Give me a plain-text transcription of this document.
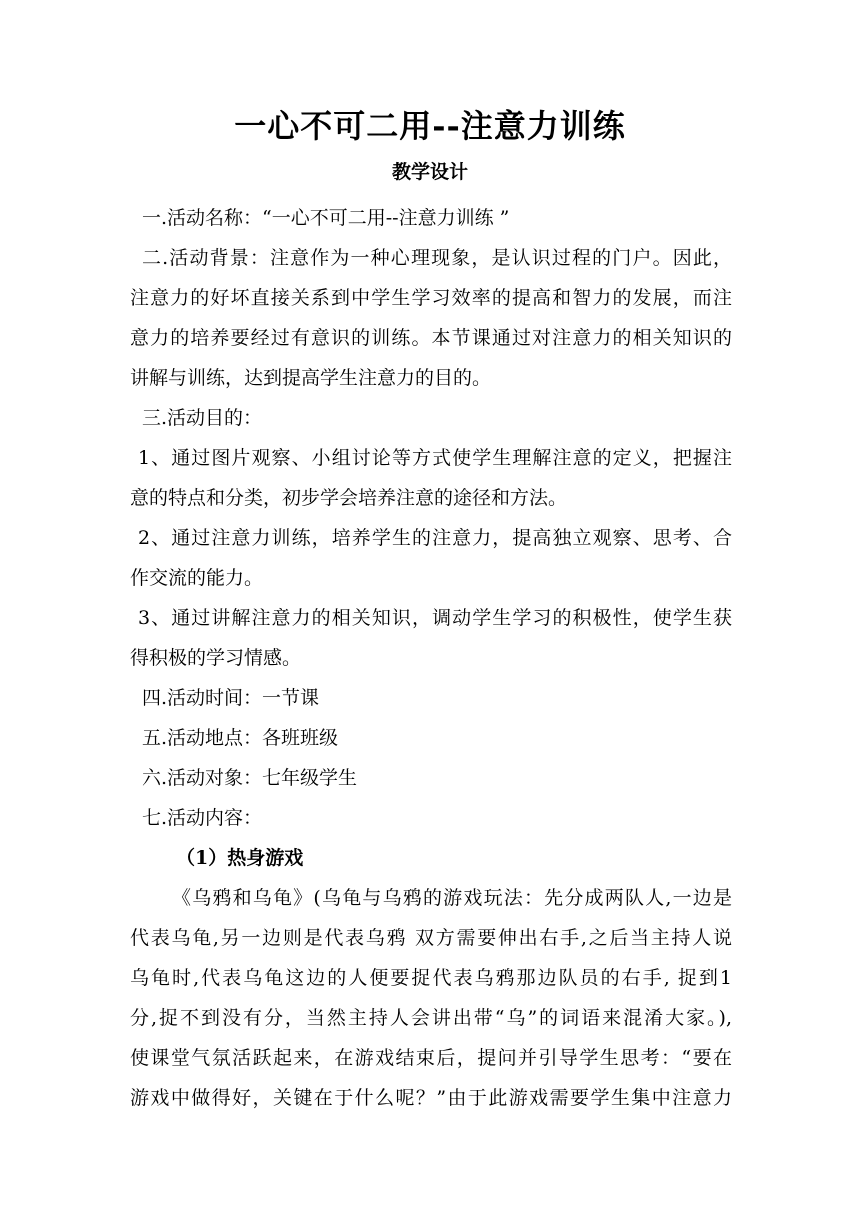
一心不可二用--注意力训练
教学设计
一.活动名称：“一心不可二用--注意力训练 ”
二.活动背景：注意作为一种心理现象，是认识过程的门户。因此，
注意力的好坏直接关系到中学生学习效率的提高和智力的发展，而注
意力的培养要经过有意识的训练。本节课通过对注意力的相关知识的
讲解与训练，达到提高学生注意力的目的。
三.活动目的：
1、通过图片观察、小组讨论等方式使学生理解注意的定义，把握注
意的特点和分类，初步学会培养注意的途径和方法。
2、通过注意力训练，培养学生的注意力，提高独立观察、思考、合
作交流的能力。
3、通过讲解注意力的相关知识，调动学生学习的积极性，使学生获
得积极的学习情感。
四.活动时间：一节课
五.活动地点：各班班级
六.活动对象：七年级学生
七.活动内容：
（1）热身游戏
《乌鸦和乌龟》(乌龟与乌鸦的游戏玩法：先分成两队人,一边是
代表乌龟,另一边则是代表乌鸦 双方需要伸出右手,之后当主持人说
乌龟时,代表乌龟这边的人便要捉代表乌鸦那边队员的右手, 捉到1
分,捉不到没有分，当然主持人会讲出带“乌”的词语来混淆大家。),
使课堂气氛活跃起来，在游戏结束后，提问并引导学生思考：“要在
游戏中做得好，关键在于什么呢？”由于此游戏需要学生集中注意力
